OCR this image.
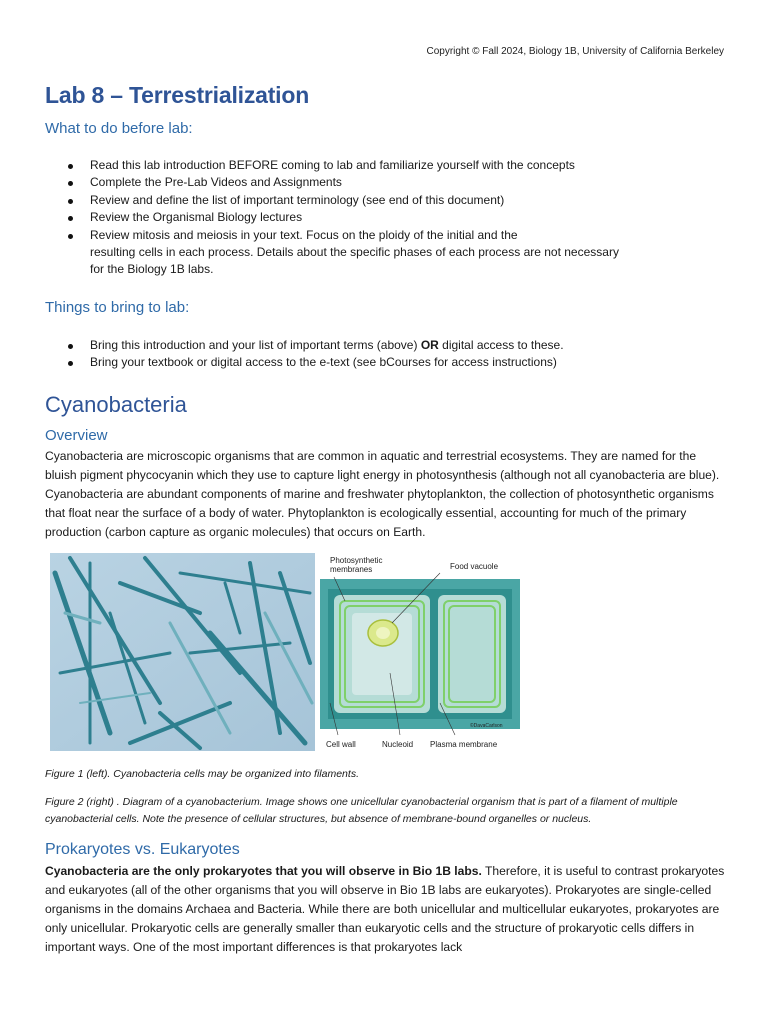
Copyright © Fall 2024, Biology 1B, University of California Berkeley
Lab 8 – Terrestrialization
What to do before lab:
Read this lab introduction BEFORE coming to lab and familiarize yourself with the concepts
Complete the Pre-Lab Videos and Assignments
Review and define the list of important terminology (see end of this document)
Review the Organismal Biology lectures
Review mitosis and meiosis in your text. Focus on the ploidy of the initial and the
resulting cells in each process. Details about the specific phases of each process are not necessary
for the Biology 1B labs.
Things to bring to lab:
Bring this introduction and your list of important terms (above) OR digital access to these.
Bring your textbook or digital access to the e-text (see bCourses for access instructions)
Cyanobacteria
Overview

Cyanobacteria are microscopic organisms that are common in aquatic and terrestrial ecosystems. They are named for the bluish pigment phycocyanin which they use to capture light energy in photosynthesis (although not all cyanobacteria are blue). Cyanobacteria are abundant components of marine and freshwater phytoplankton, the collection of photosynthetic organisms that float near the surface of a body of water. Phytoplankton is ecologically essential, accounting for much of the primary production (carbon capture as organic molecules) that occurs on Earth.

Photosynthetic
membranes	Food vacuole
©DavaCarlson
Cell wall	Nucleoid Plasma membrane

Figure 1 (left). Cyanobacteria cells may be organized into filaments.

Figure 2 (right) . Diagram of a cyanobacterium. Image shows one unicellular cyanobacterial organism that is part of a filament of multiple cyanobacterial cells. Note the presence of cellular structures, but absence of membrane-bound organelles or nucleus.

Prokaryotes vs. Eukaryotes

Cyanobacteria are the only prokaryotes that you will observe in Bio 1B labs. Therefore, it is useful to contrast prokaryotes and eukaryotes (all of the other organisms that you will observe in Bio 1B labs are eukaryotes). Prokaryotes are single-celled organisms in the domains Archaea and Bacteria. While there are both unicellular and multicellular eukaryotes, prokaryotes are only unicellular. Prokaryotic cells are generally smaller than eukaryotic cells and the structure of prokaryotic cells differs in important ways. One of the most important differences is that prokaryotes lack
